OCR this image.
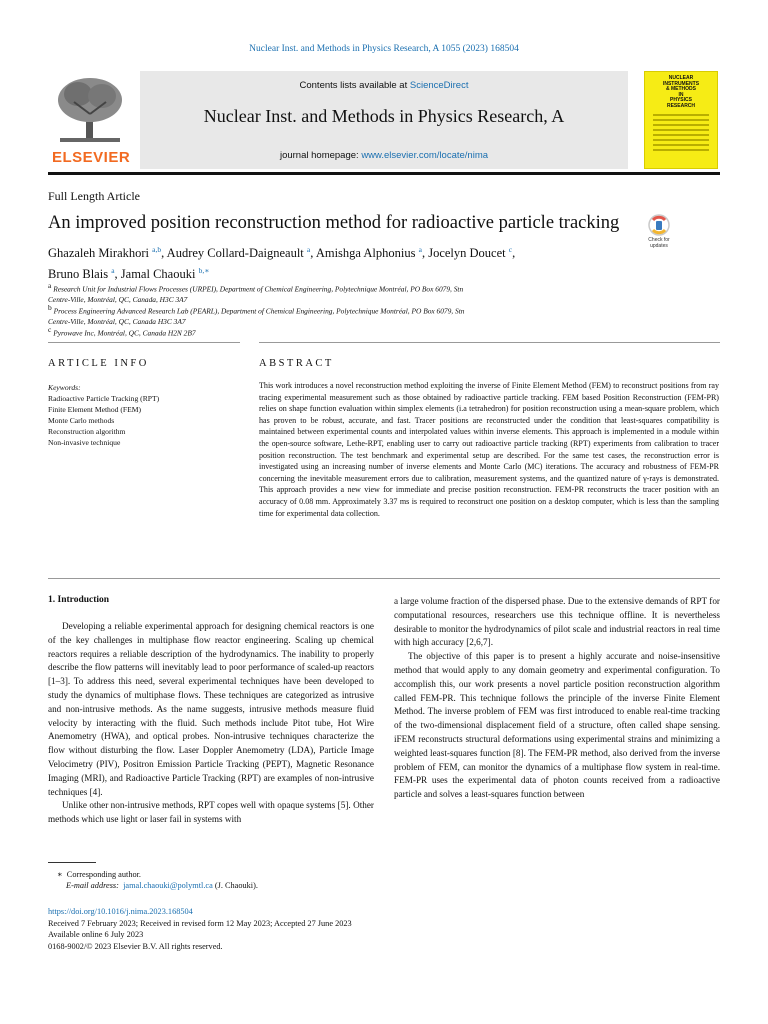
Nuclear Inst. and Methods in Physics Research, A 1055 (2023) 168504
ELSEVIER
Contents lists available at ScienceDirect
Nuclear Inst. and Methods in Physics Research, A
journal homepage: www.elsevier.com/locate/nima
NUCLEAR
INSTRUMENTS
& METHODS
IN
PHYSICS
RESEARCH
Full Length Article
An improved position reconstruction method for radioactive particle tracking
Check for updates
Ghazaleh Mirakhori $^{a,b}$, Audrey Collard-Daigneault $^a$, Amishga Alphonius $^a$, Jocelyn Doucet $^c$,
Bruno Blais $^a$, Jamal Chaouki $^{b,∗}$
$^a$ Research Unit for Industrial Flows Processes (URPEI), Department of Chemical Engineering, Polytechnique Montréal, PO Box 6079, Stn
Centre-Ville, Montréal, QC, Canada, H3C 3A7
$^b$ Process Engineering Advanced Research Lab (PEARL), Department of Chemical Engineering, Polytechnique Montréal, PO Box 6079, Stn
Centre-Ville, Montréal, QC, Canada H3C 3A7
$^c$ Pyrowave Inc, Montréal, QC, Canada H2N 2B7
ARTICLE INFO	ABSTRACT
Keywords:
Radioactive Particle Tracking (RPT)
Finite Element Method (FEM)
Monte Carlo methods
Reconstruction algorithm
Non-invasive technique
This work introduces a novel reconstruction method exploiting the inverse of Finite Element Method (FEM) to reconstruct positions from ray tracing experimental measurement such as those obtained by radioactive particle tracking. FEM based Position Reconstruction (FEM-PR) relies on shape function evaluation within simplex elements (i.a tetrahedron) for position reconstruction using a mean-square problem, which has proven to be robust, accurate, and fast. Tracer positions are reconstructed under the condition that least-squares compatibility is maintained between experimental counts and interpolated values within inverse elements. This approach is implemented in a module within the open-source software, Lethe-RPT, enabling user to carry out radioactive particle tracking (RPT) experiments from calibration to tracer position reconstruction. The test benchmark and experimental setup are described. For the same test cases, the reconstruction error is investigated using an increasing number of inverse elements and Monte Carlo (MC) iterations. The accuracy and robustness of FEM-PR concerning the inevitable measurement errors due to calibration, measurement systems, and the quantized nature of γ-rays is demonstrated. This approach provides a new view for immediate and precise position reconstruction. FEM-PR reconstructs the tracer position with an accuracy of 0.08 mm. Approximately 3.37 ms is required to reconstruct one position on a desktop computer, which is less than the sampling time for experimental data collection.
1. Introduction

Developing a reliable experimental approach for designing chemical reactors is one of the key challenges in multiphase flow reactor engineering. Scaling up chemical reactors requires a reliable description of the hydrodynamics. The inability to properly describe the flow patterns will inevitably lead to poor performance of scaled-up reactors [1–3]. To address this need, several experimental techniques have been developed to study the dynamics of multiphase flows. These techniques are categorized as intrusive and non-intrusive methods. As the name suggests, intrusive methods measure fluid velocity by interacting with the fluid. Such methods include Pitot tube, Hot Wire Anemometry (HWA), and optical probes. Non-intrusive techniques characterize the flow without disturbing the flow. Laser Doppler Anemometry (LDA), Particle Image Velocimetry (PIV), Positron Emission Particle Tracking (PEPT), Magnetic Resonance Imaging (MRI), and Radioactive Particle Tracking (RPT) are examples of non-intrusive techniques [4].

Unlike other non-intrusive methods, RPT copes well with opaque systems [5]. Other methods which use light or laser fail in systems with

a large volume fraction of the dispersed phase. Due to the extensive demands of RPT for computational resources, researchers use this technique offline. It is nevertheless desirable to monitor the hydrodynamics of pilot scale and industrial reactors in real time with high accuracy [2,6,7].

The objective of this paper is to present a highly accurate and noise-insensitive method that would apply to any domain geometry and experimental configuration. To accomplish this, our work presents a novel particle position reconstruction algorithm called FEM-PR. This technique follows the principle of the inverse Finite Element Method. The inverse problem of FEM was first introduced to enable real-time tracking of the two-dimensional displacement field of a structure, often called shape sensing. iFEM reconstructs structural deformations using experimental strains and minimizing a weighted least-squares function [8]. The FEM-PR method, also derived from the inverse problem of FEM, can monitor the dynamics of a multiphase flow system in real-time. FEM-PR uses the experimental data of photon counts received from a radioactive particle and solves a least-squares function between

∗ Corresponding author.
E-mail address: jamal.chaouki@polymtl.ca (J. Chaouki).
https://doi.org/10.1016/j.nima.2023.168504
Received 7 February 2023; Received in revised form 12 May 2023; Accepted 27 June 2023
Available online 6 July 2023
0168-9002/© 2023 Elsevier B.V. All rights reserved.
